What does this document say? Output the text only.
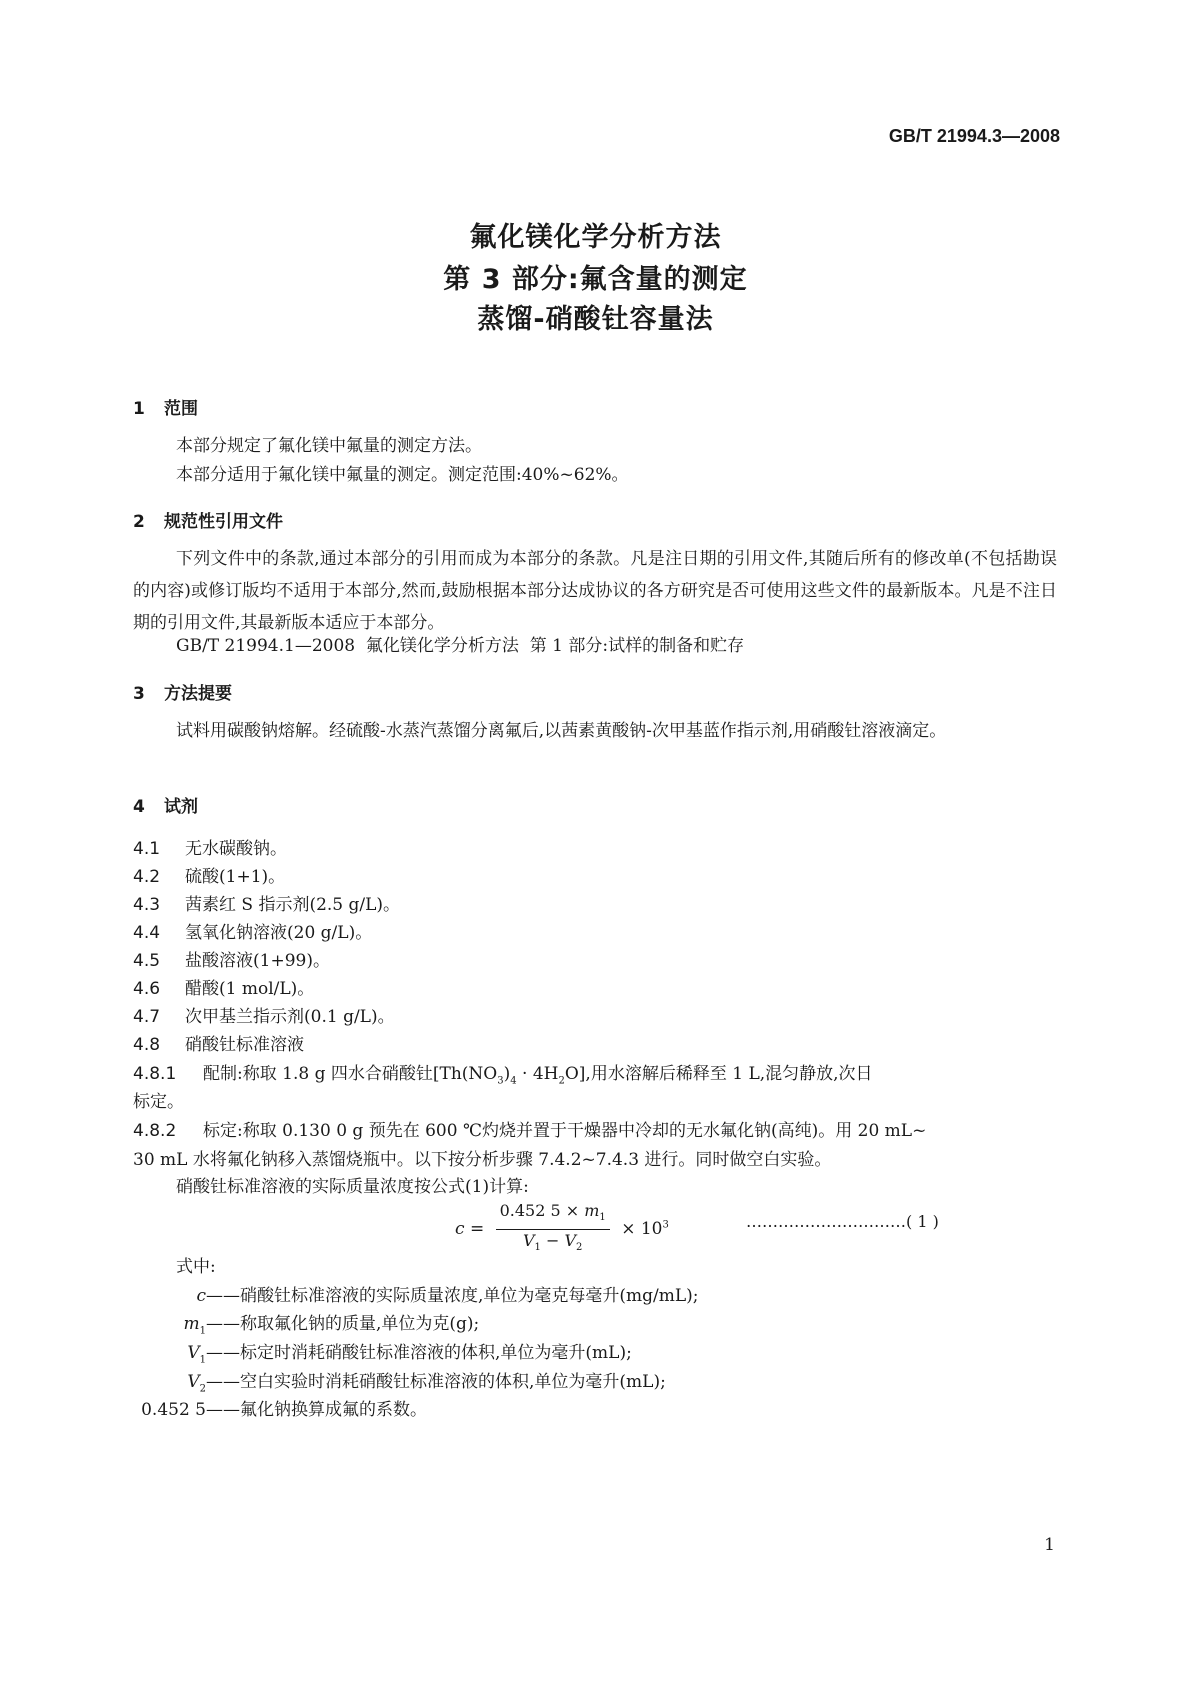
GB/T 21994.3—2008
氟化镁化学分析方法
第 3 部分:氟含量的测定
蒸馏-硝酸钍容量法
1 范围
本部分规定了氟化镁中氟量的测定方法。
本部分适用于氟化镁中氟量的测定。测定范围:40%~62%。
2 规范性引用文件
下列文件中的条款,通过本部分的引用而成为本部分的条款。凡是注日期的引用文件,其随后所有的修改单(不包括勘误的内容)或修订版均不适用于本部分,然而,鼓励根据本部分达成协议的各方研究是否可使用这些文件的最新版本。凡是不注日期的引用文件,其最新版本适应于本部分。
GB/T 21994.1—2008  氟化镁化学分析方法  第 1 部分:试样的制备和贮存
3 方法提要
试料用碳酸钠熔解。经硫酸-水蒸汽蒸馏分离氟后,以茜素黄酸钠-次甲基蓝作指示剂,用硝酸钍溶液滴定。
4 试剂
4.1 无水碳酸钠。
4.2 硫酸(1+1)。
4.3 茜素红 S 指示剂(2.5 g/L)。
4.4 氢氧化钠溶液(20 g/L)。
4.5 盐酸溶液(1+99)。
4.6 醋酸(1 mol/L)。
4.7 次甲基兰指示剂(0.1 g/L)。
4.8 硝酸钍标准溶液
4.8.1 配制:称取 1.8 g 四水合硝酸钍$[Th(NO_3)_4 \cdot 4H_2O]$,用水溶解后稀释至 1 L,混匀静放,次日
标定。
4.8.2 标定:称取 0.130 0 g 预先在 600 ℃灼烧并置于干燥器中冷却的无水氟化钠(高纯)。用 20 mL~
30 mL 水将氟化钠移入蒸馏烧瓶中。以下按分析步骤 7.4.2~7.4.3 进行。同时做空白实验。
硝酸钍标准溶液的实际质量浓度按公式(1)计算:
$c = \frac{0.452 5 \times m_1}{V_1 - V_2} \times 10^3$	…………………………( 1 )
式中:
c——硝酸钍标准溶液的实际质量浓度,单位为毫克每毫升(mg/mL);
$m_1——$称取氟化钠的质量,单位为克(g);
$V_1——$标定时消耗硝酸钍标准溶液的体积,单位为毫升(mL);
$V_2——$空白实验时消耗硝酸钍标准溶液的体积,单位为毫升(mL);
0.452 5——氟化钠换算成氟的系数。
1
